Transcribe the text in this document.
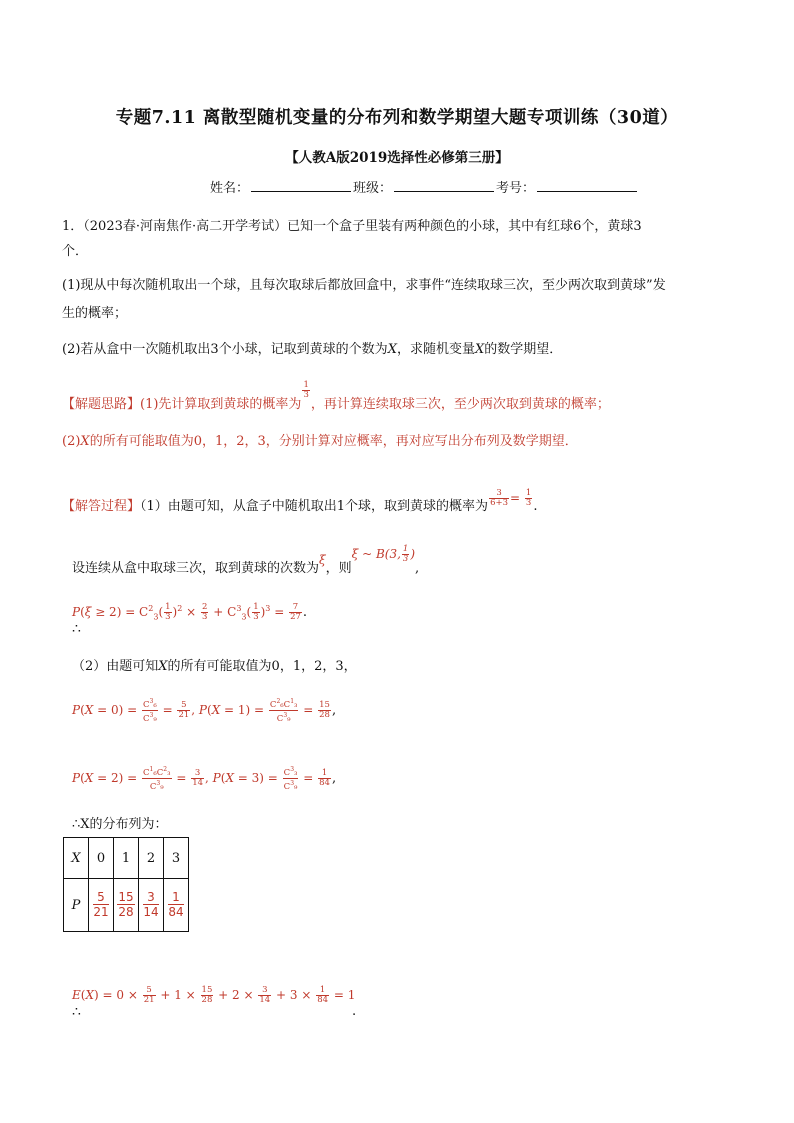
专题7.11 离散型随机变量的分布列和数学期望大题专项训练（30道）
【人教A版2019选择性必修第三册】
姓名：	班级：	考号：
1．（2023春·河南焦作·高二开学考试）已知一个盒子里装有两种颜色的小球，其中有红球6个，黄球3
个．
(1)现从中每次随机取出一个球，且每次取球后都放回盒中，求事件“连续取球三次，至少两次取到黄球”发
生的概率；
(2)若从盒中一次随机取出3个小球，记取到黄球的个数为X，求随机变量X的数学期望．
【解题思路】(1)先计算取到黄球的概率为
$\frac{1}{3}$
，再计算连续取球三次，至少两次取到黄球的概率；
(2)X的所有可能取值为0，1，2，3，分别计算对应概率，再对应写出分布列及数学期望．
【解答过程】（1）由题可知，从盒子中随机取出1个球，取到黄球的概率为 $\frac{3}{6+3} = \frac{1}{3}$ .
设连续从盒中取球三次，取到黄球的次数为ξ，则ξ ~ B(3, $\frac{1}{3}$ ),
$P(\xi \ge 2) = C^2_3( \frac{1}{3} )^2 \times \frac{2}{3} + C^3_3( \frac{1}{3} )^3 = \frac{7}{27}$ .
∴
（2）由题可知X的所有可能取值为0，1，2，3，
$P(X = 0) = \frac{C^3_6}{C^3_9} = \frac{5}{21}$ , $P(X = 1) = \frac{C^2_6C^1_3}{C^3_9} = \frac{15}{28}$ ,
$P(X = 2) = \frac{C^1_6C^2_3}{C^3_9} = \frac{3}{14}$ , $P(X = 3) = \frac{C^3_3}{C^3_9} = \frac{1}{84}$ ,
∴X的分布列为：
X	0	1	2	3
P	$\frac{5}{21}$	$\frac{15}{28}$	$\frac{3}{14}$	$\frac{1}{84}$
$E(X) = 0 \times \frac{5}{21} + 1 \times \frac{15}{28} + 2 \times \frac{3}{14} + 3 \times \frac{1}{84} = 1$
∴	.
